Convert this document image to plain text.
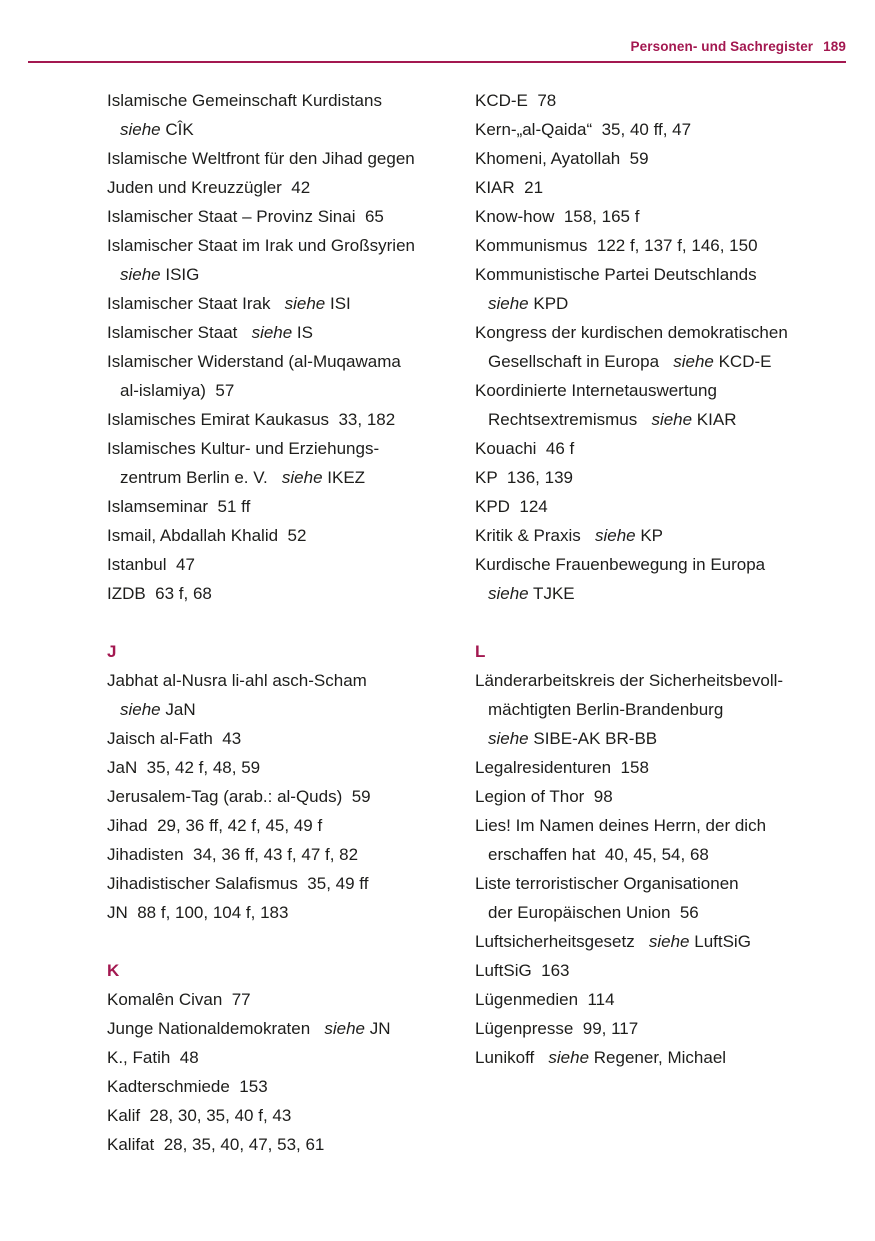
Personen- und Sachregister 189
Islamische Gemeinschaft Kurdistans
siehe CÎK
Islamische Weltfront für den Jihad gegen
Juden und Kreuzzügler  42
Islamischer Staat – Provinz Sinai  65
Islamischer Staat im Irak und Großsyrien
siehe ISIG
Islamischer Staat Irak   siehe ISI
Islamischer Staat   siehe IS
Islamischer Widerstand (al-Muqawama
al-islamiya)  57
Islamisches Emirat Kaukasus  33, 182
Islamisches Kultur- und Erziehungs-
zentrum Berlin e. V.   siehe IKEZ
Islamseminar  51 ff
Ismail, Abdallah Khalid  52
Istanbul  47
IZDB  63 f, 68
J
Jabhat al-Nusra li-ahl asch-Scham
siehe JaN
Jaisch al-Fath  43
JaN  35, 42 f, 48, 59
Jerusalem-Tag (arab.: al-Quds)  59
Jihad  29, 36 ff, 42 f, 45, 49 f
Jihadisten  34, 36 ff, 43 f, 47 f, 82
Jihadistischer Salafismus  35, 49 ff
JN  88 f, 100, 104 f, 183
K
Komalên Civan  77
Junge Nationaldemokraten   siehe JN
K., Fatih  48
Kadterschmiede  153
Kalif  28, 30, 35, 40 f, 43
Kalifat  28, 35, 40, 47, 53, 61
KCD-E  78
Kern-„al-Qaida“  35, 40 ff, 47
Khomeni, Ayatollah  59
KIAR  21
Know-how  158, 165 f
Kommunismus  122 f, 137 f, 146, 150
Kommunistische Partei Deutschlands
siehe KPD
Kongress der kurdischen demokratischen
Gesellschaft in Europa   siehe KCD-E
Koordinierte Internetauswertung
Rechtsextremismus   siehe KIAR
Kouachi  46 f
KP  136, 139
KPD  124
Kritik & Praxis   siehe KP
Kurdische Frauenbewegung in Europa
siehe TJKE
L
Länderarbeitskreis der Sicherheitsbevoll-
mächtigten Berlin-Brandenburg
siehe SIBE-AK BR-BB
Legalresidenturen  158
Legion of Thor  98
Lies! Im Namen deines Herrn, der dich
erschaffen hat  40, 45, 54, 68
Liste terroristischer Organisationen
der Europäischen Union  56
Luftsicherheitsgesetz   siehe LuftSiG
LuftSiG  163
Lügenmedien  114
Lügenpresse  99, 117
Lunikoff   siehe Regener, Michael
